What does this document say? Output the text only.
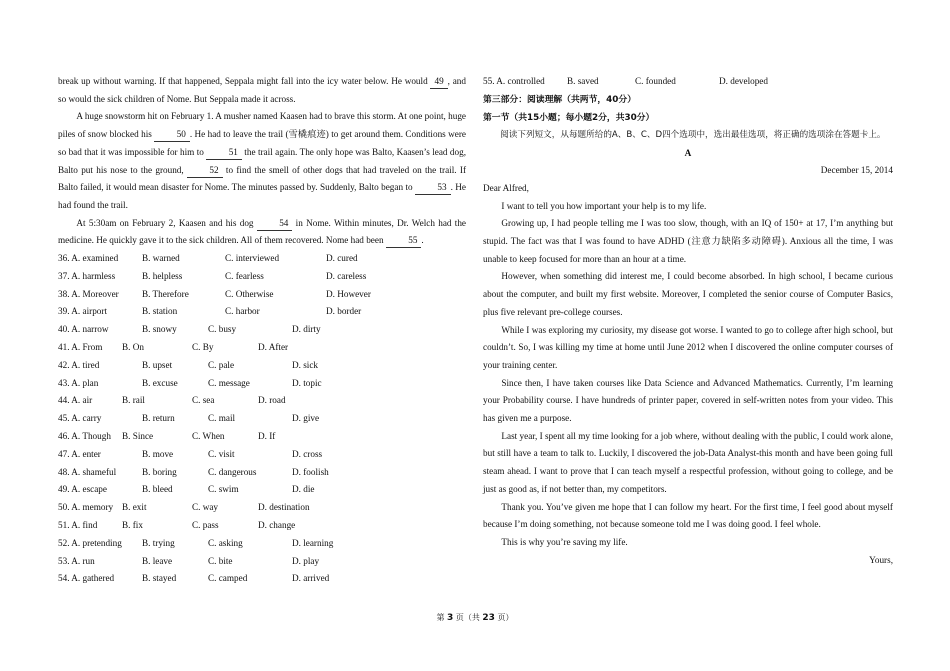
break up without warning. If that happened, Seppala might fall into the icy water below. He would 49 , and so would the sick children of Nome. But Seppala made it across.

A huge snowstorm hit on February 1. A musher named Kaasen had to brave this storm. At one point, huge piles of snow blocked his 50 . He had to leave the trail (雪橇痕迹) to get around them. Conditions were so bad that it was impossible for him to 51 the trail again. The only hope was Balto, Kaasen’s lead dog, Balto put his nose to the ground, 52 to find the smell of other dogs that had traveled on the trail. If Balto failed, it would mean disaster for Nome. The minutes passed by. Suddenly, Balto began to 53 . He had found the trail.

At 5:30am on February 2, Kaasen and his dog 54 in Nome. Within minutes, Dr. Welch had the medicine. He quickly gave it to the sick children. All of them recovered. Nome had been 55 .

36. A. examined	B. warned	C. interviewed	D. cured
37. A. harmless	B. helpless	C. fearless	D. careless
38. A. Moreover	B. Therefore	C. Otherwise	D. However
39. A. airport	B. station	C. harbor	D. border
40. A. narrow	B. snowy	C. busy	D. dirty
41. A. From B. On	C. By	D. After
42. A. tired	B. upset	C. pale	D. sick
43. A. plan	B. excuse	C. message	D. topic
44. A. air	B. rail	C. sea	D. road
45. A. carry	B. return	C. mail	D. give
46. A. Though B. Since	C. When	D. If
47. A. enter	B. move	C. visit	D. cross
48. A. shameful	B. boring	C. dangerous	D. foolish
49. A. escape	B. bleed	C. swim	D. die
50. A. memory B. exit	C. way	D. destination
51. A. find	B. fix	C. pass	D. change
52. A. pretending B. trying	C. asking	D. learning
53. A. run	B. leave	C. bite	D. play
54. A. gathered	B. stayed	C. camped	D. arrived
55. A. controlled B. saved	C. founded	D. developed
第三部分：阅读理解（共两节，40分）
第一节（共15小题；每小题2分，共30分）

阅读下列短文，从每题所给的A、B、C、D四个选项中，选出最佳选项，将正确的选项涂在答题卡上。

A

December 15, 2014

Dear Alfred,

I want to tell you how important your help is to my life.

Growing up, I had people telling me I was too slow, though, with an IQ of 150+ at 17, I’m anything but stupid. The fact was that I was found to have ADHD (注意力缺陷多动障碍). Anxious all the time, I was unable to keep focused for more than an hour at a time.

However, when something did interest me, I could become absorbed. In high school, I became curious about the computer, and built my first website. Moreover, I completed the senior course of Computer Basics, plus five relevant pre-college courses.

While I was exploring my curiosity, my disease got worse. I wanted to go to college after high school, but couldn’t. So, I was killing my time at home until June 2012 when I discovered the online computer courses of your training center.

Since then, I have taken courses like Data Science and Advanced Mathematics. Currently, I’m learning your Probability course. I have hundreds of printer paper, covered in self-written notes from your video. This has given me a purpose.

Last year, I spent all my time looking for a job where, without dealing with the public, I could work alone, but still have a team to talk to. Luckily, I discovered the job-Data Analyst-this month and have been going full steam ahead. I want to prove that I can teach myself a respectful profession, without going to college, and be just as good as, if not better than, my competitors.

Thank you. You’ve given me hope that I can follow my heart. For the first time, I feel good about myself because I’m doing something, not because someone told me I was doing good. I feel whole.

This is why you’re saving my life.

Yours,

第 3 页（共 23 页）
